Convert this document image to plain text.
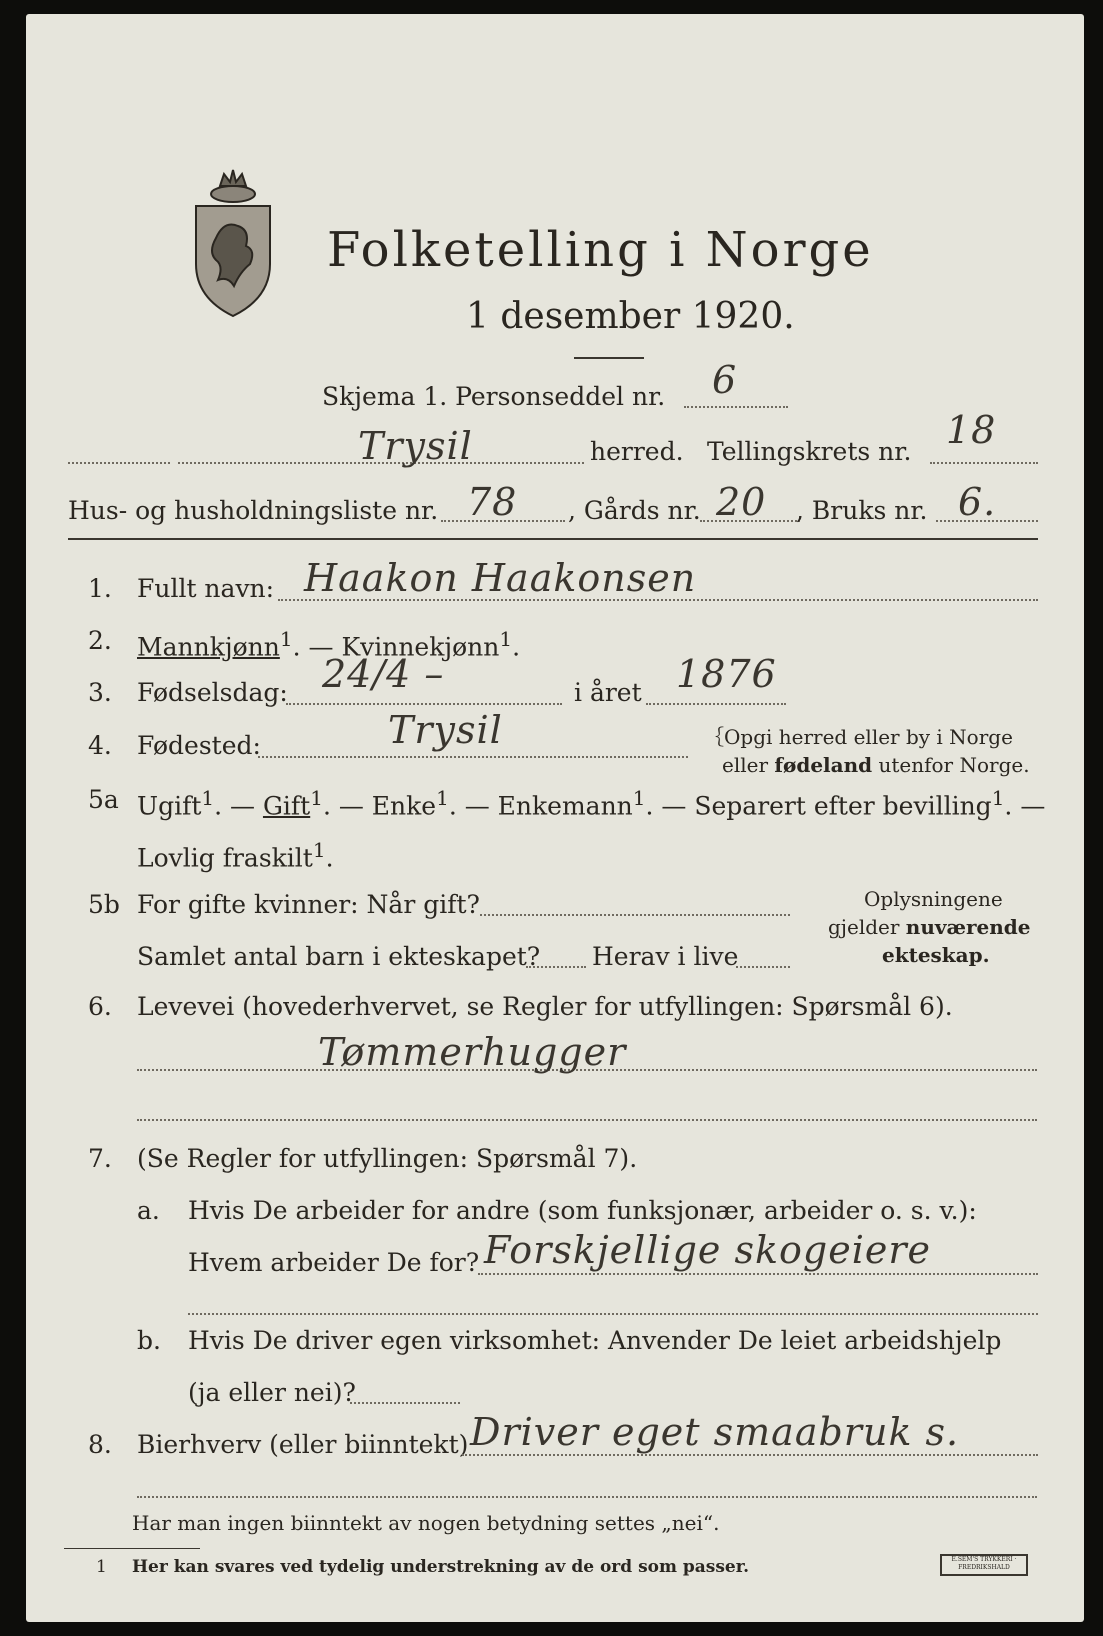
Folketelling i Norge
1 desember 1920.
Skjema 1. Personseddel nr. 6
Trysil	herred. Tellingskrets nr. 18
Hus- og husholdningsliste nr. 78 , Gårds nr. 20 , Bruks nr. 6.
1. Fullt navn: Haakon Haakonsen
2. Mannkjønn$^1$. — Kvinnekjønn$^1$.
3. Fødselsdag: 24/4 –	i året 1876
4. Fødested:	Trysil	｛Opgi herred eller by i Norge
eller fødeland utenfor Norge.
5a Ugift$^1$. — Gift$^1$. — Enke$^1$. — Enkemann$^1$. — Separert efter bevilling$^1$. —
Lovlig fraskilt$^1$.
5b For gifte kvinner: Når gift?
Samlet antal barn i ekteskapet? Herav i live
Oplysningene
gjelder nuværende
ekteskap.
6. Levevei (hovederhvervet, se Regler for utfyllingen: Spørsmål 6).
Tømmerhugger
7. (Se Regler for utfyllingen: Spørsmål 7).
a. Hvis De arbeider for andre (som funksjonær, arbeider o. s. v.):
Hvem arbeider De for? Forskjellige skogeiere
b. Hvis De driver egen virksomhet: Anvender De leiet arbeidshjelp
(ja eller nei)?
8. Bierhverv (eller biinntekt) Driver eget smaabruk s.
Har man ingen biinntekt av nogen betydning settes „nei“.
1 Her kan svares ved tydelig understrekning av de ord som passer.	E.SEM'S TRYKKERI · FREDRIKSHALD
